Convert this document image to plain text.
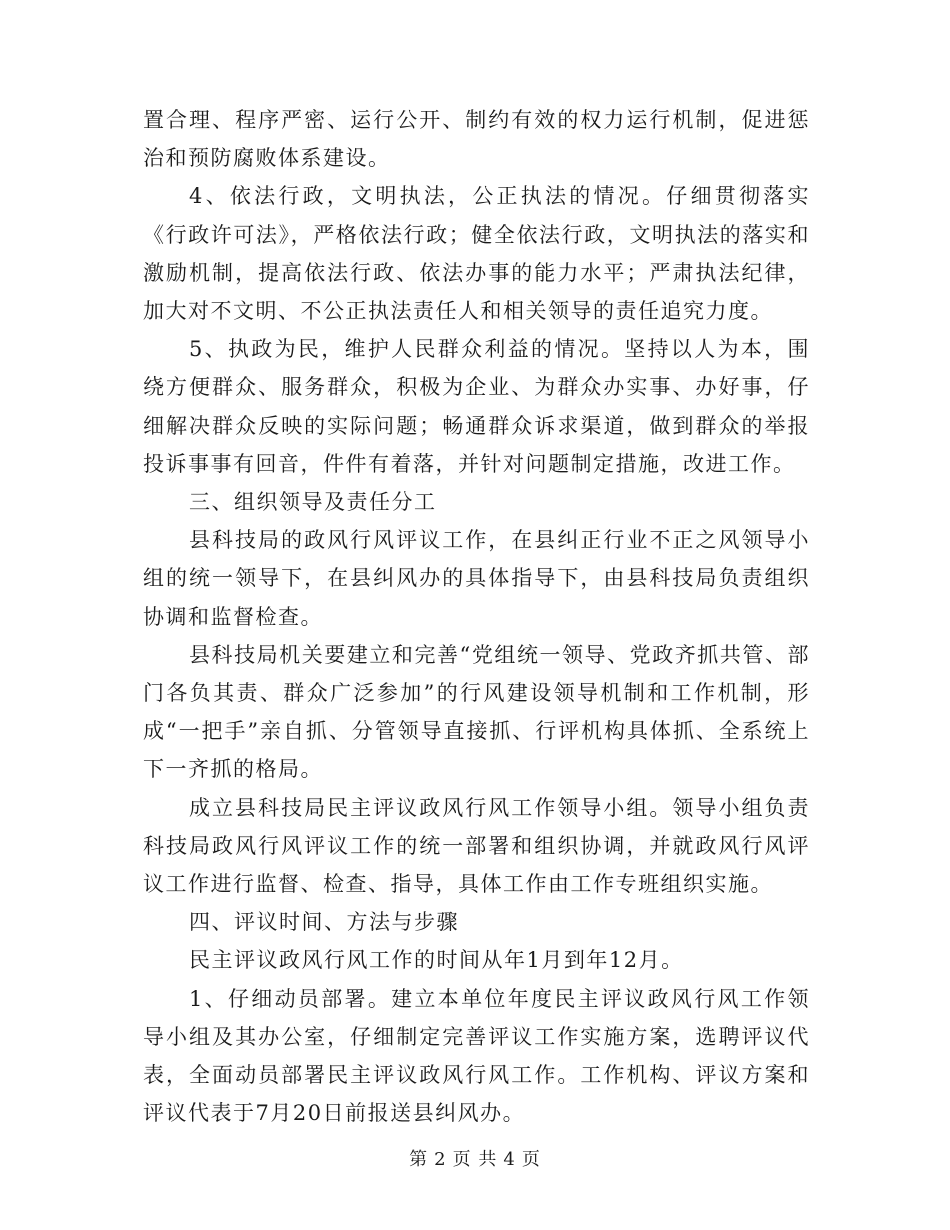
置合理、程序严密、运行公开、制约有效的权力运行机制，促进惩治和预防腐败体系建设。

4、依法行政，文明执法，公正执法的情况。仔细贯彻落实《行政许可法》，严格依法行政；健全依法行政，文明执法的落实和激励机制，提高依法行政、依法办事的能力水平；严肃执法纪律，加大对不文明、不公正执法责任人和相关领导的责任追究力度。

5、执政为民，维护人民群众利益的情况。坚持以人为本，围绕方便群众、服务群众，积极为企业、为群众办实事、办好事，仔细解决群众反映的实际问题；畅通群众诉求渠道，做到群众的举报投诉事事有回音，件件有着落，并针对问题制定措施，改进工作。

三、组织领导及责任分工

县科技局的政风行风评议工作，在县纠正行业不正之风领导小组的统一领导下，在县纠风办的具体指导下，由县科技局负责组织协调和监督检查。

县科技局机关要建立和完善“党组统一领导、党政齐抓共管、部门各负其责、群众广泛参加”的行风建设领导机制和工作机制，形成“一把手”亲自抓、分管领导直接抓、行评机构具体抓、全系统上下一齐抓的格局。

成立县科技局民主评议政风行风工作领导小组。领导小组负责科技局政风行风评议工作的统一部署和组织协调，并就政风行风评议工作进行监督、检查、指导，具体工作由工作专班组织实施。

四、评议时间、方法与步骤

民主评议政风行风工作的时间从年1月到年12月。

1、仔细动员部署。建立本单位年度民主评议政风行风工作领导小组及其办公室，仔细制定完善评议工作实施方案，选聘评议代表，全面动员部署民主评议政风行风工作。工作机构、评议方案和评议代表于7月20日前报送县纠风办。

第 2 页 共 4 页
